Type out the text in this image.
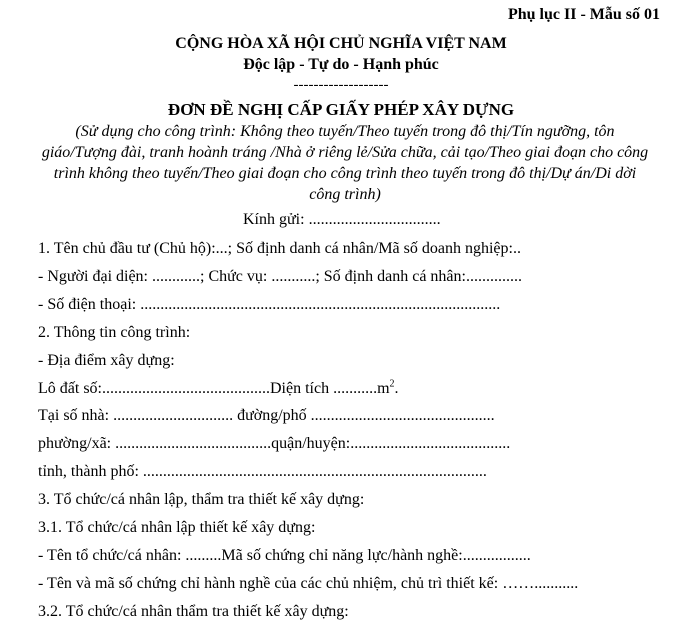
Phụ lục II - Mẫu số 01
CỘNG HÒA XÃ HỘI CHỦ NGHĨA VIỆT NAM
Độc lập - Tự do - Hạnh phúc
-------------------
ĐƠN ĐỀ NGHỊ CẤP GIẤY PHÉP XÂY DỰNG
(Sử dụng cho công trình: Không theo tuyến/Theo tuyến trong đô thị/Tín ngưỡng, tôn giáo/Tượng đài, tranh hoành tráng /Nhà ở riêng lẻ/Sửa chữa, cải tạo/Theo giai đoạn cho công trình không theo tuyến/Theo giai đoạn cho công trình theo tuyến trong đô thị/Dự án/Di dời công trình)
Kính gửi: .................................
1. Tên chủ đầu tư (Chủ hộ):...; Số định danh cá nhân/Mã số doanh nghiệp:..
- Người đại diện: ............; Chức vụ: ...........; Số định danh cá nhân:..............
- Số điện thoại: ..........................................................................................
2. Thông tin công trình:
- Địa điểm xây dựng:
Lô đất số:..........................................Diện tích $...........m^2$.
Tại số nhà: .............................. đường/phố ..............................................
phường/xã: .......................................quận/huyện:........................................
tỉnh, thành phố: ......................................................................................
3. Tổ chức/cá nhân lập, thẩm tra thiết kế xây dựng:
3.1. Tổ chức/cá nhân lập thiết kế xây dựng:
- Tên tổ chức/cá nhân: .........Mã số chứng chỉ năng lực/hành nghề:.................
- Tên và mã số chứng chỉ hành nghề của các chủ nhiệm, chủ trì thiết kế: ……...........
3.2. Tổ chức/cá nhân thẩm tra thiết kế xây dựng:
